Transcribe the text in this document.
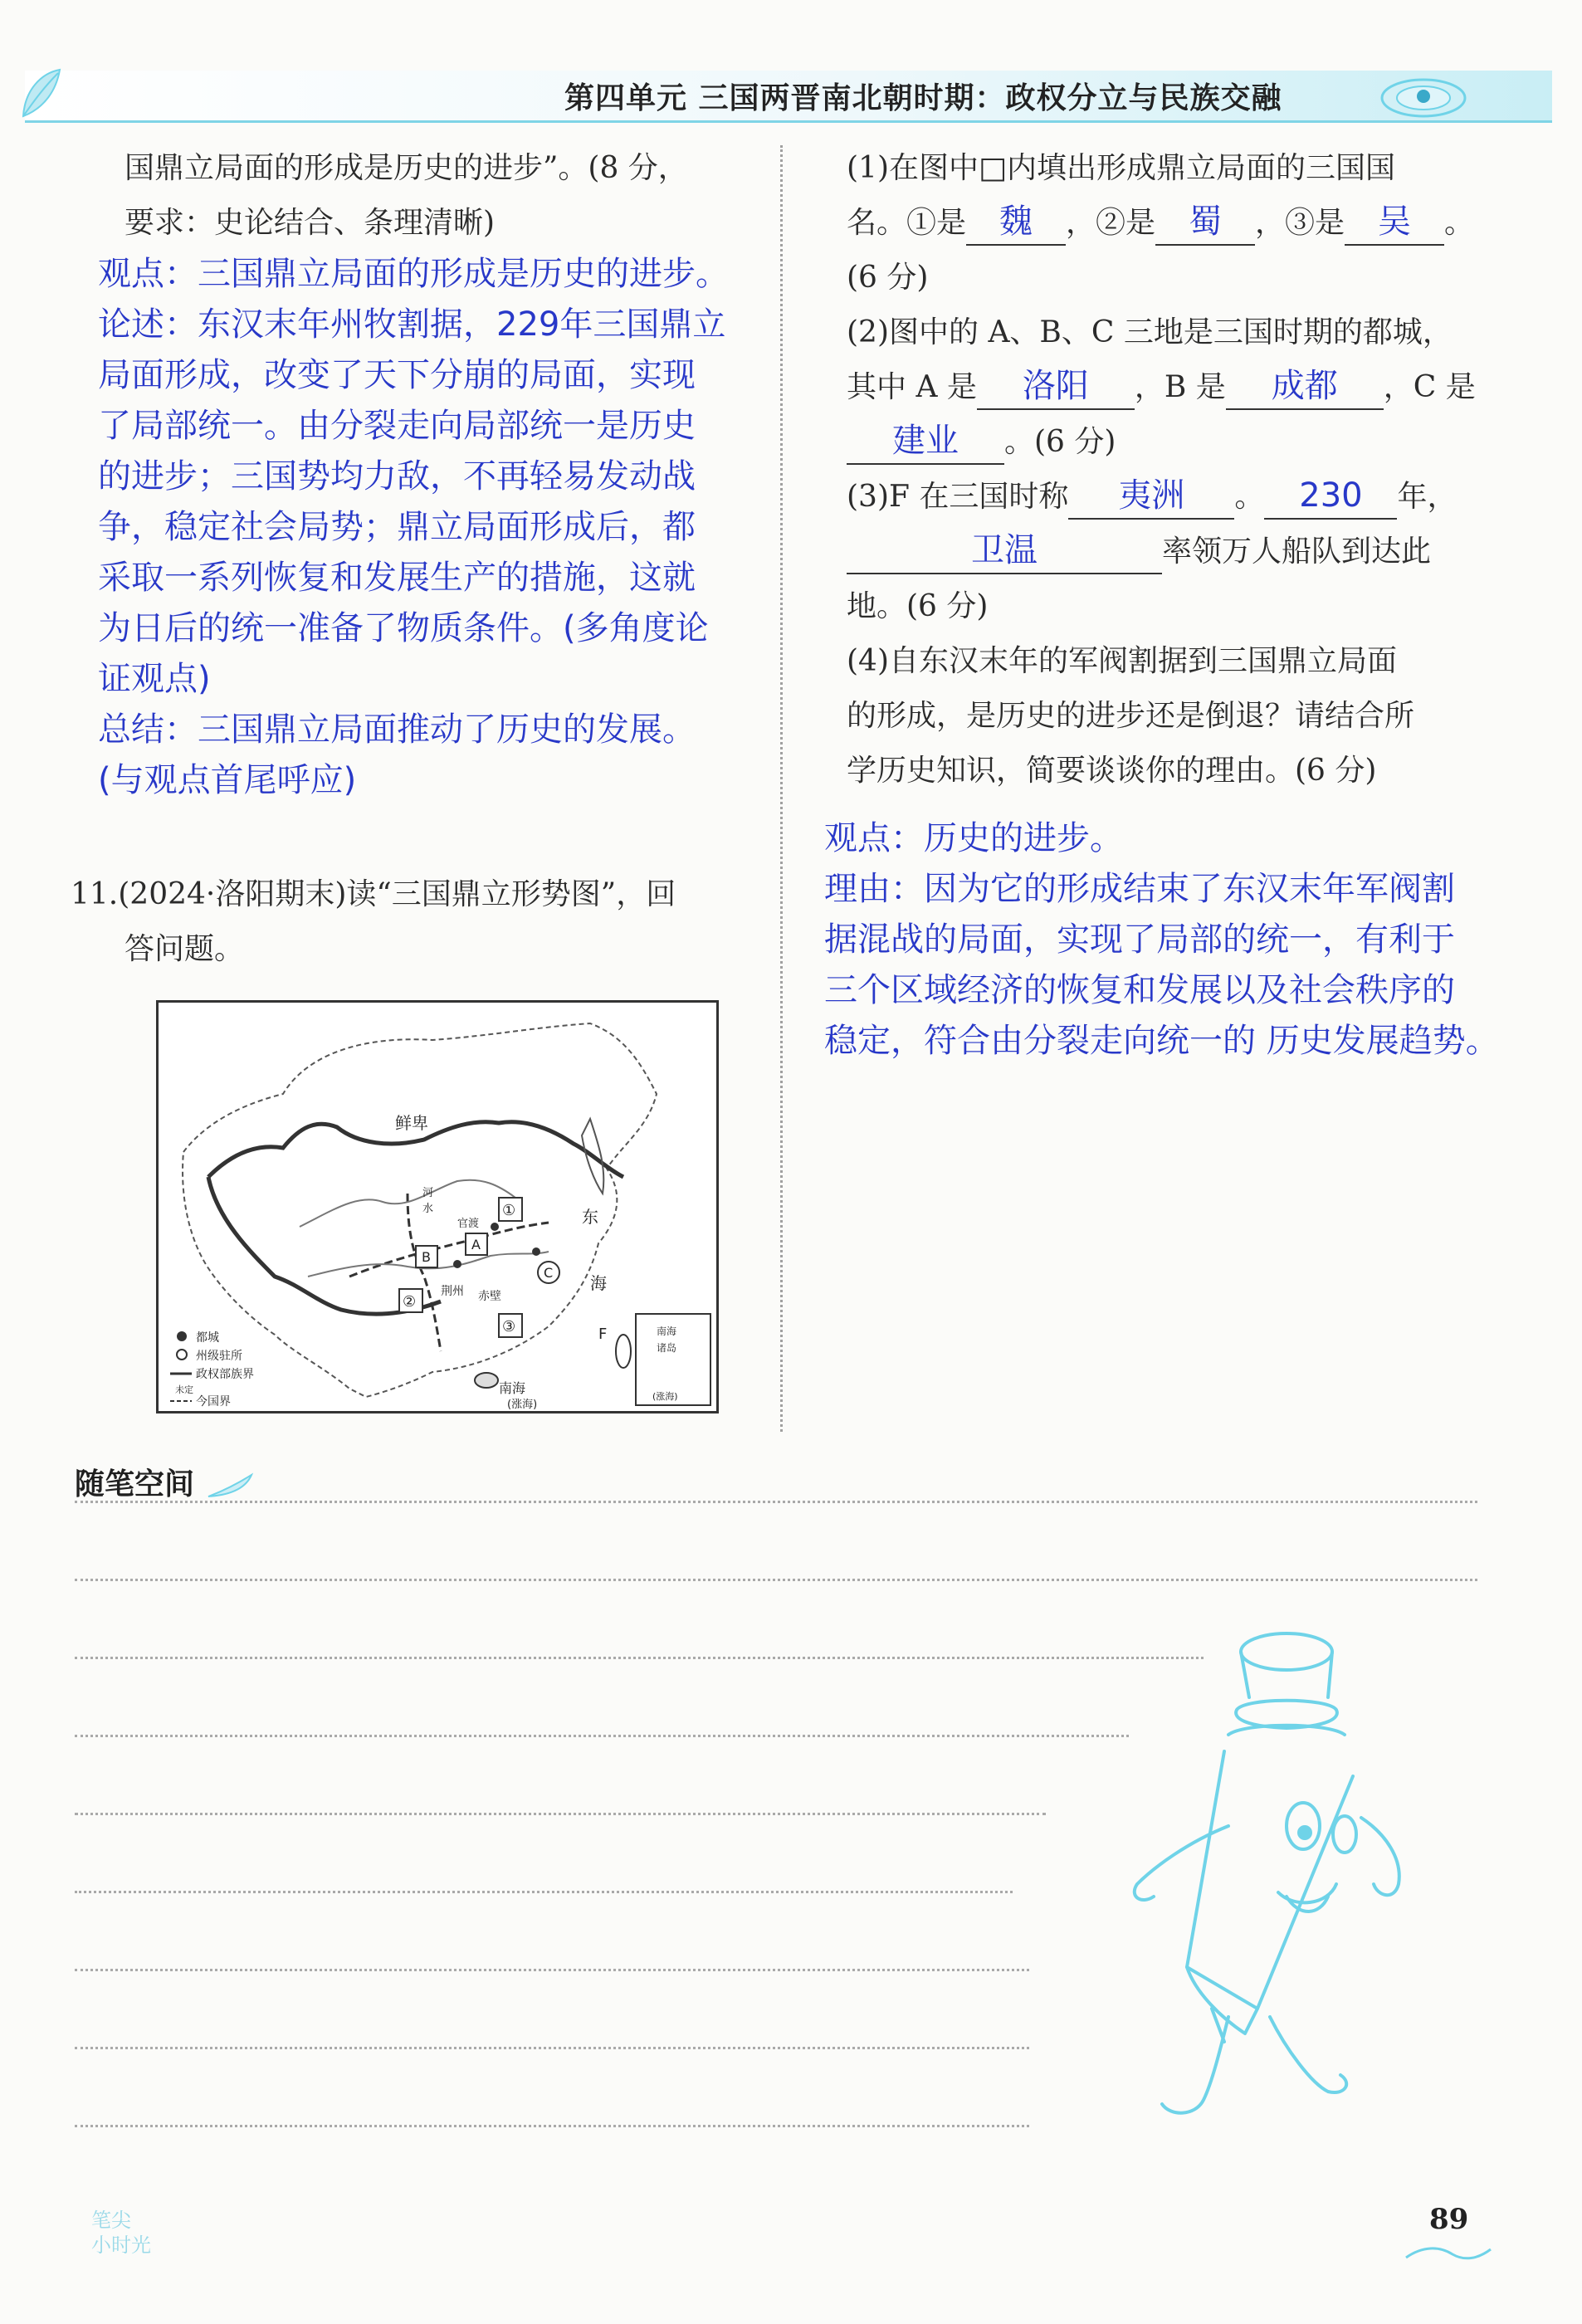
第四单元 三国两晋南北朝时期：政权分立与民族交融
国鼎立局面的形成是历史的进步”。(8 分，
要求：史论结合、条理清晰)
观点：三国鼎立局面的形成是历史的进步。
论述：东汉末年州牧割据，229年三国鼎立
局面形成，改变了天下分崩的局面，实现
了局部统一。由分裂走向局部统一是历史
的进步；三国势均力敌，不再轻易发动战
争，稳定社会局势；鼎立局面形成后，都
采取一系列恢复和发展生产的措施，这就
为日后的统一准备了物质条件。(多角度论
证观点)
总结：三国鼎立局面推动了历史的发展。
(与观点首尾呼应)
11.(2024·洛阳期末)读“三国鼎立形势图”，回
答问题。
鲜卑
东
海
南海
(涨海)
官渡
河
水
荆州 赤壁
①
②
③
A
B
C
F
都城
州级驻所
政权部族界
未定
今国界
南海
诸岛
(涨海)
(1)在图中□内填出形成鼎立局面的三国国
名。①是 魏 ，②是 蜀 ，③是 吴 。
(6 分)
(2)图中的 A、B、C 三地是三国时期的都城，
其中 A 是 洛阳 ，B 是 成都 ，C 是
建业 。(6 分)
(3)F 在三国时称 夷洲 。 230 年，
卫温	率领万人船队到达此
地。(6 分)
(4)自东汉末年的军阀割据到三国鼎立局面
的形成，是历史的进步还是倒退？请结合所
学历史知识，简要谈谈你的理由。(6 分)
观点：历史的进步。
理由：因为它的形成结束了东汉末年军阀割
据混战的局面，实现了局部的统一，有利于
三个区域经济的恢复和发展以及社会秩序的
稳定，符合由分裂走向统一的 历史发展趋势。
随笔空间
笔尖
小时光
89
